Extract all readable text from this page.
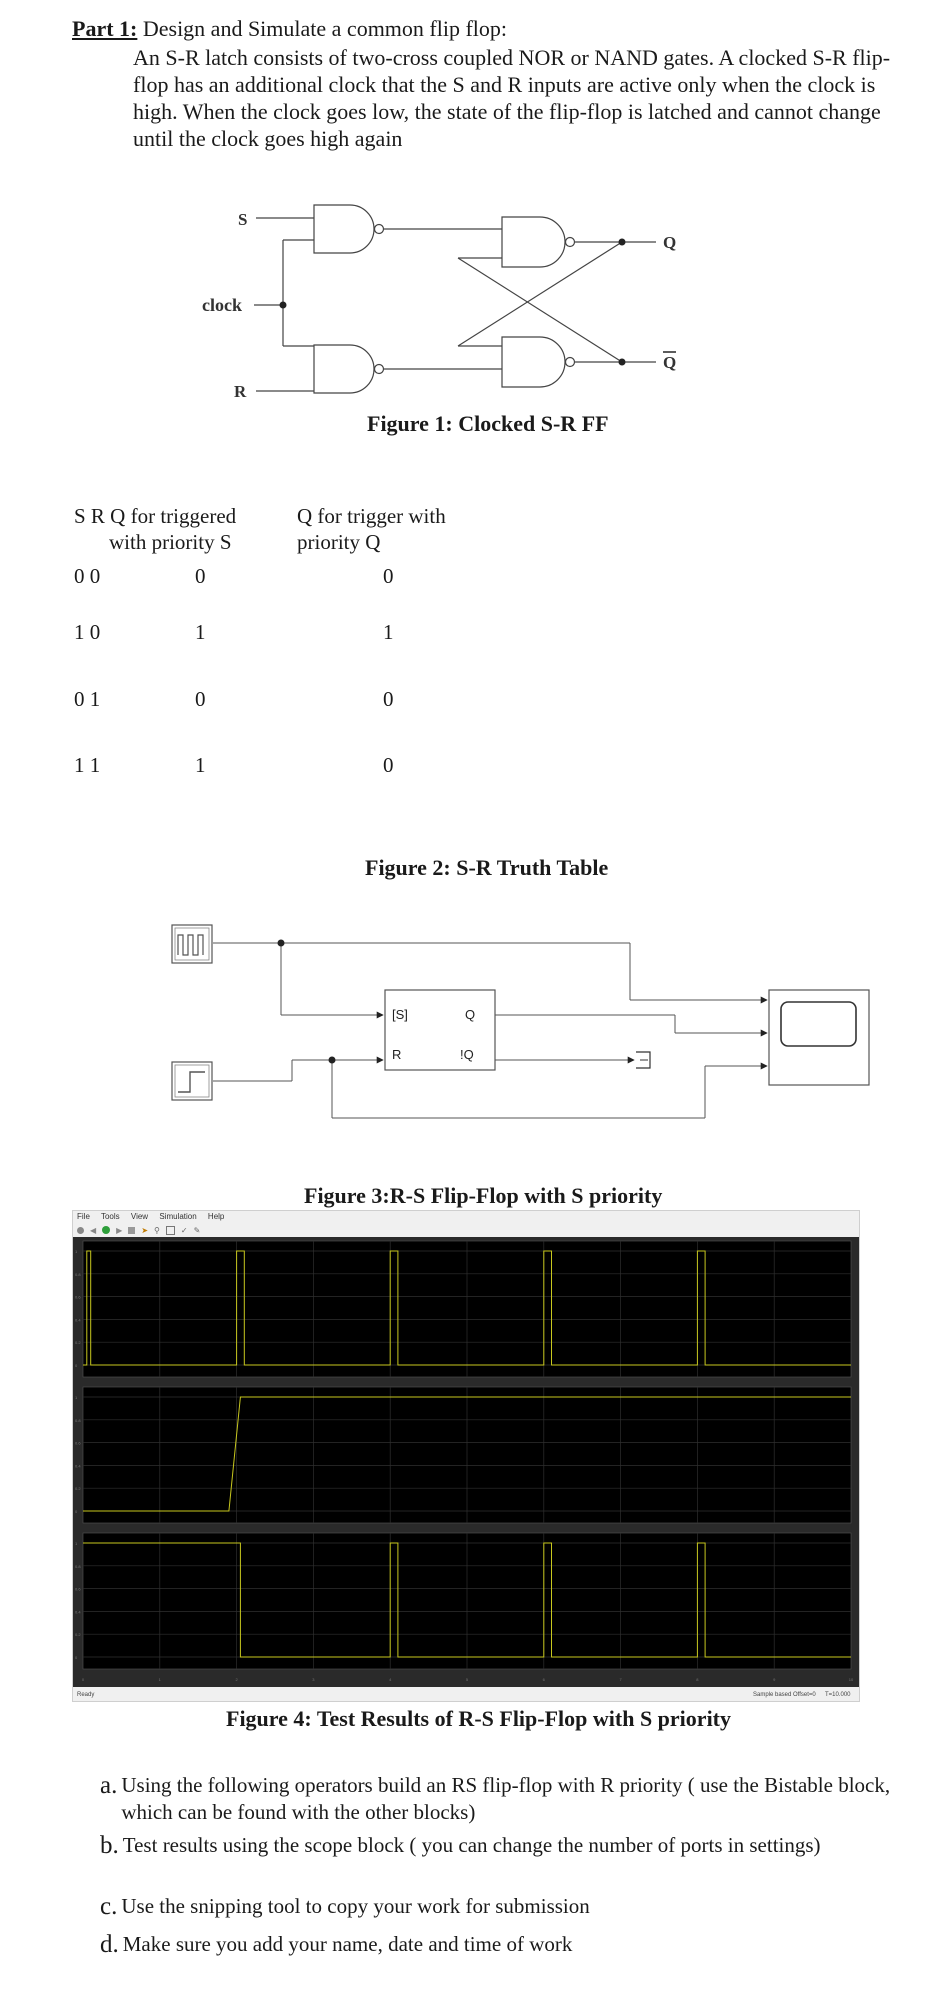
Part 1: Design and Simulate a common flip flop:
An S-R latch consists of two-cross coupled NOR or NAND gates. A clocked S-R flip-flop has an additional clock that the S and R inputs are active only when the clock is high. When the clock goes low, the state of the flip-flop is latched and cannot change until the clock goes high again
S
clock
R
Q
Q
Figure 1: Clocked S-R FF
S R Q for triggered
with priority S
Q for trigger with
priority Q
0 0	0	0
1 0	1	1
0 1	0	0
1 1	1	0
Figure 2: S-R Truth Table
[S]	Q
R	!Q
Figure 3:R-S Flip-Flop with S priority
File Tools View Simulation Help
◀	▶ ➤ ⚲	✓ ✎
1
0.8
0.6
0.4
0.2
0
1
0.8
0.6
0.4
0.2
0
1
0.8
0.6
0.4
0.2
0
0	1	2	3	4	5	6	7	8	9	10
Ready	Sample based Offset=0 T=10.000
Figure 4: Test Results of R-S Flip-Flop with S priority
a. Using the following operators build an RS flip-flop with R priority ( use the Bistable block, which can be found with the other blocks)
b. Test results using the scope block ( you can change the number of ports in settings)
c. Use the snipping tool to copy your work for submission
d. Make sure you add your name, date and time of work
